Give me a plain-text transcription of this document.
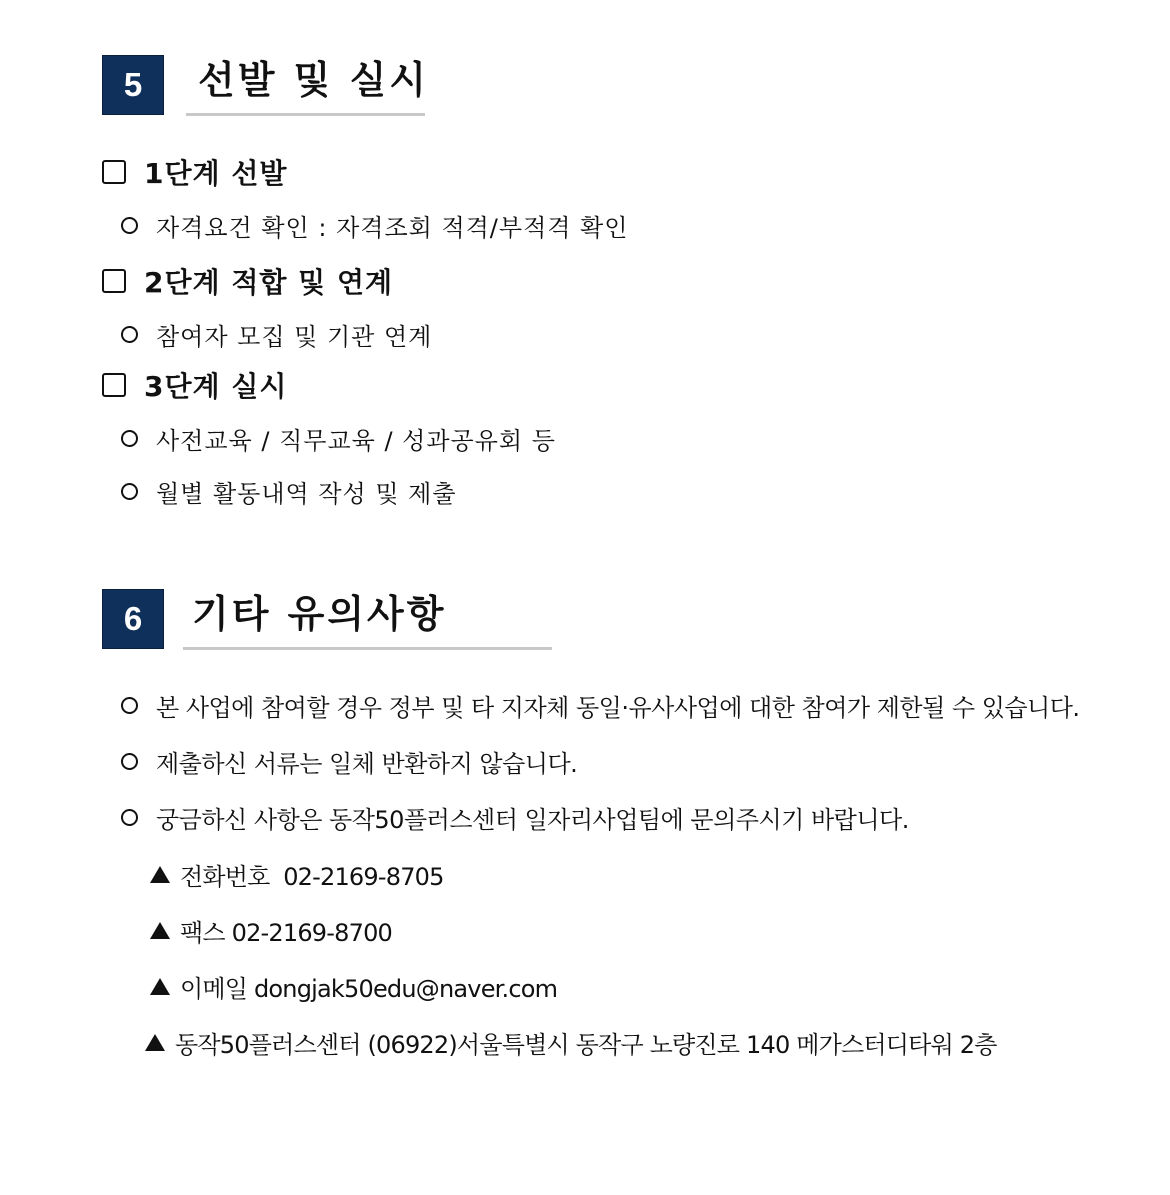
5	선발 및 실시
1단계 선발
자격요건 확인 : 자격조회 적격/부적격 확인
2단계 적합 및 연계
참여자 모집 및 기관 연계
3단계 실시
사전교육 / 직무교육 / 성과공유회 등
월별 활동내역 작성 및 제출
6	기타 유의사항
본 사업에 참여할 경우 정부 및 타 지자체 동일·유사사업에 대한 참여가 제한될 수 있습니다.
제출하신 서류는 일체 반환하지 않습니다.
궁금하신 사항은 동작50플러스센터 일자리사업팀에 문의주시기 바랍니다.
전화번호  02-2169-8705
팩스 02-2169-8700
이메일 dongjak50edu@naver.com
동작50플러스센터 (06922)서울특별시 동작구 노량진로 140 메가스터디타워 2층
